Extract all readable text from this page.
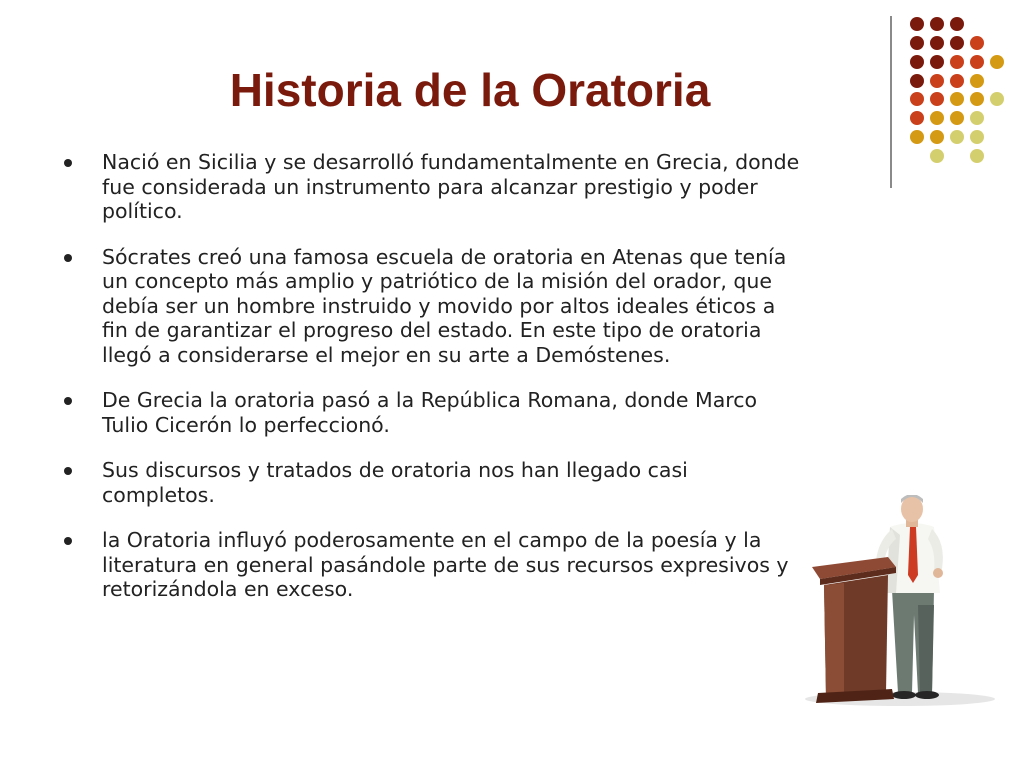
Historia de la Oratoria
Nació en Sicilia y se desarrolló fundamentalmente en Grecia, donde fue considerada un instrumento para alcanzar prestigio y poder político.
Sócrates creó una famosa escuela de oratoria en Atenas que tenía un concepto más amplio y patriótico de la misión del orador, que debía ser un hombre instruido y movido por altos ideales éticos a fin de garantizar el progreso del estado. En este tipo de oratoria llegó a considerarse el mejor en su arte a Demóstenes.
De Grecia la oratoria pasó a la República Romana, donde Marco Tulio Cicerón lo perfeccionó.
Sus discursos y tratados de oratoria nos han llegado casi completos.
la Oratoria influyó poderosamente en el campo de la poesía y la literatura en general pasándole parte de sus recursos expresivos y retorizándola en exceso.
